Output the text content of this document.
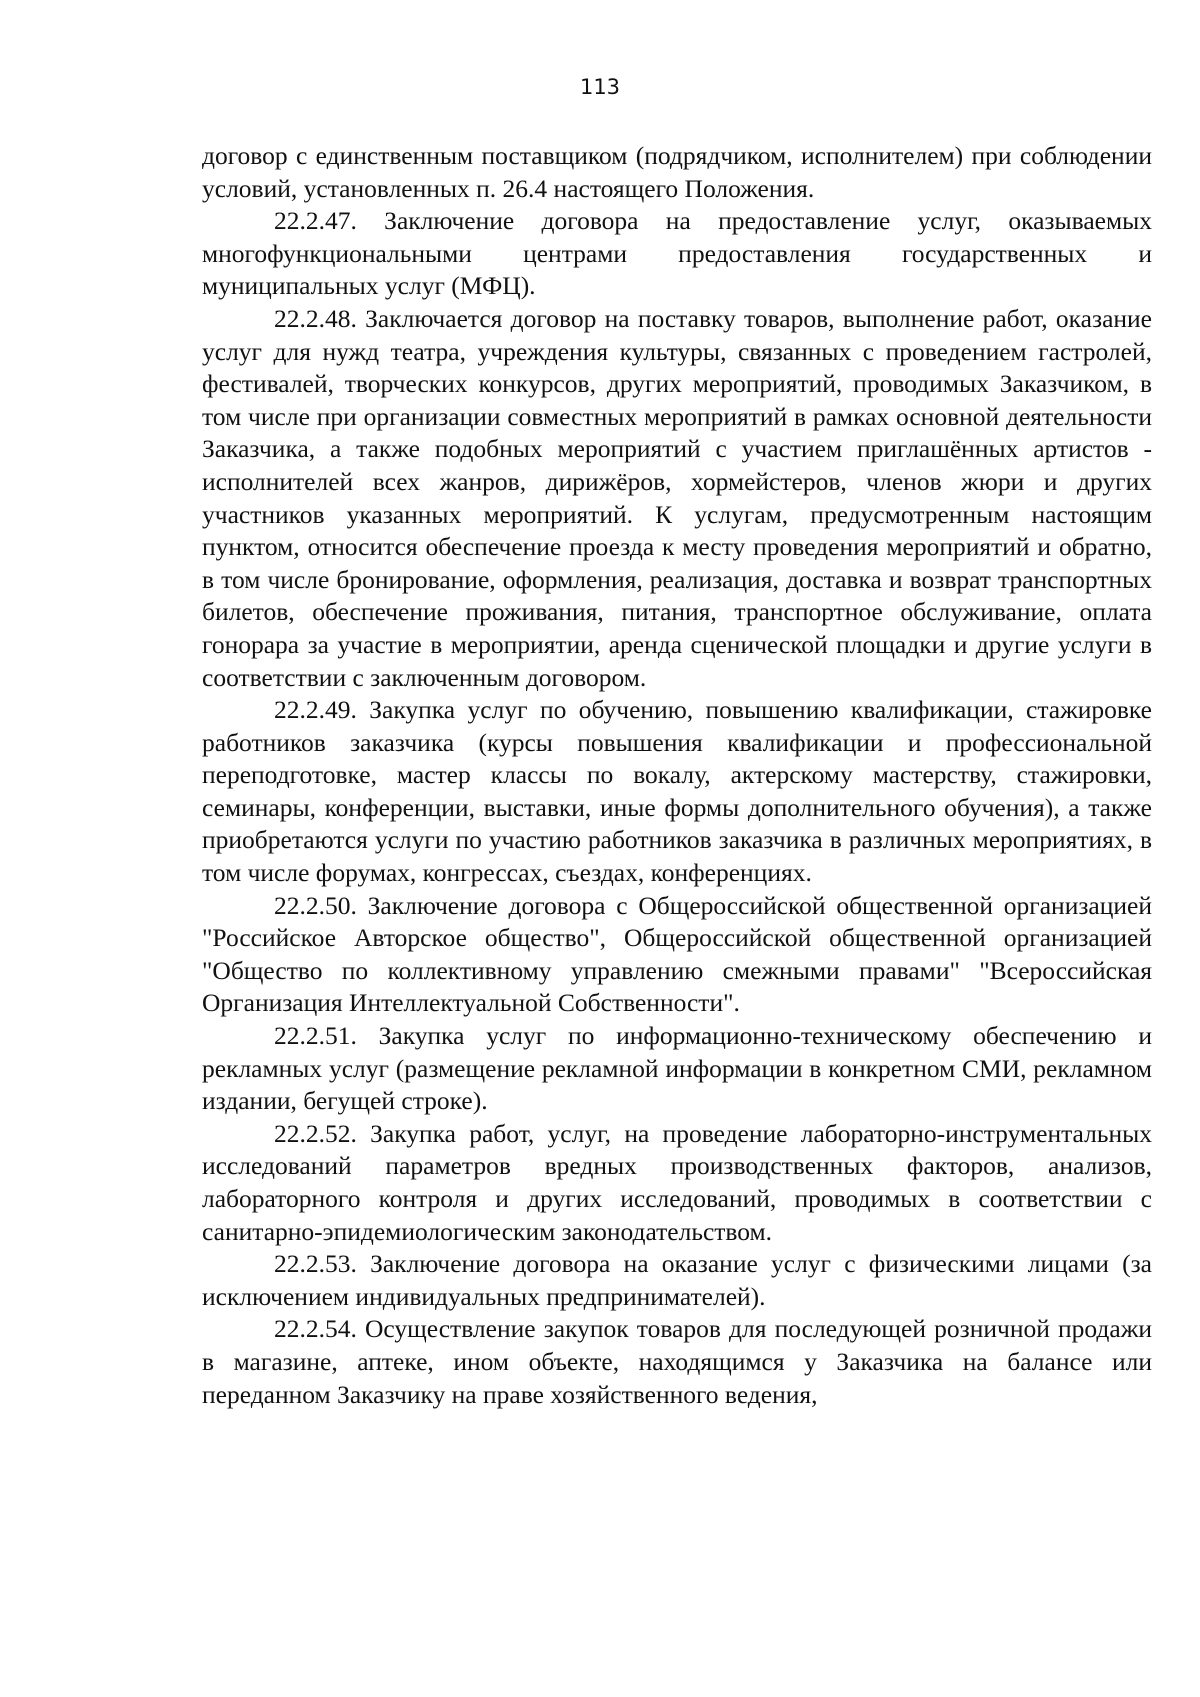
113

договор с единственным поставщиком (подрядчиком, исполнителем) при соблюдении условий, установленных п. 26.4 настоящего Положения.

22.2.47. Заключение договора на предоставление услуг, оказываемых многофункциональными центрами предоставления государственных и муниципальных услуг (МФЦ).

22.2.48. Заключается договор на поставку товаров, выполнение работ, оказание услуг для нужд театра, учреждения культуры, связанных с проведением гастролей, фестивалей, творческих конкурсов, других мероприятий, проводимых Заказчиком, в том числе при организации совместных мероприятий в рамках основной деятельности Заказчика, а также подобных мероприятий с участием приглашённых артистов - исполнителей всех жанров, дирижёров, хормейстеров, членов жюри и других участников указанных мероприятий. К услугам, предусмотренным настоящим пунктом, относится обеспечение проезда к месту проведения мероприятий и обратно, в том числе бронирование, оформления, реализация, доставка и возврат транспортных билетов, обеспечение проживания, питания, транспортное обслуживание, оплата гонорара за участие в мероприятии, аренда сценической площадки и другие услуги в соответствии с заключенным договором.

22.2.49. Закупка услуг по обучению, повышению квалификации, стажировке работников заказчика (курсы повышения квалификации и профессиональной переподготовке, мастер классы по вокалу, актерскому мастерству, стажировки, семинары, конференции, выставки, иные формы дополнительного обучения), а также приобретаются услуги по участию работников заказчика в различных мероприятиях, в том числе форумах, конгрессах, съездах, конференциях.

22.2.50. Заключение договора с Общероссийской общественной организацией "Российское Авторское общество", Общероссийской общественной организацией "Общество по коллективному управлению смежными правами" "Всероссийская Организация Интеллектуальной Собственности".

22.2.51. Закупка услуг по информационно-техническому обеспечению и рекламных услуг (размещение рекламной информации в конкретном СМИ, рекламном издании, бегущей строке).

22.2.52. Закупка работ, услуг, на проведение лабораторно-инструментальных исследований параметров вредных производственных факторов, анализов, лабораторного контроля и других исследований, проводимых в соответствии с санитарно-эпидемиологическим законодательством.

22.2.53. Заключение договора на оказание услуг с физическими лицами (за исключением индивидуальных предпринимателей).

22.2.54. Осуществление закупок товаров для последующей розничной продажи в магазине, аптеке, ином объекте, находящимся у Заказчика на балансе или переданном Заказчику на праве хозяйственного ведения,
